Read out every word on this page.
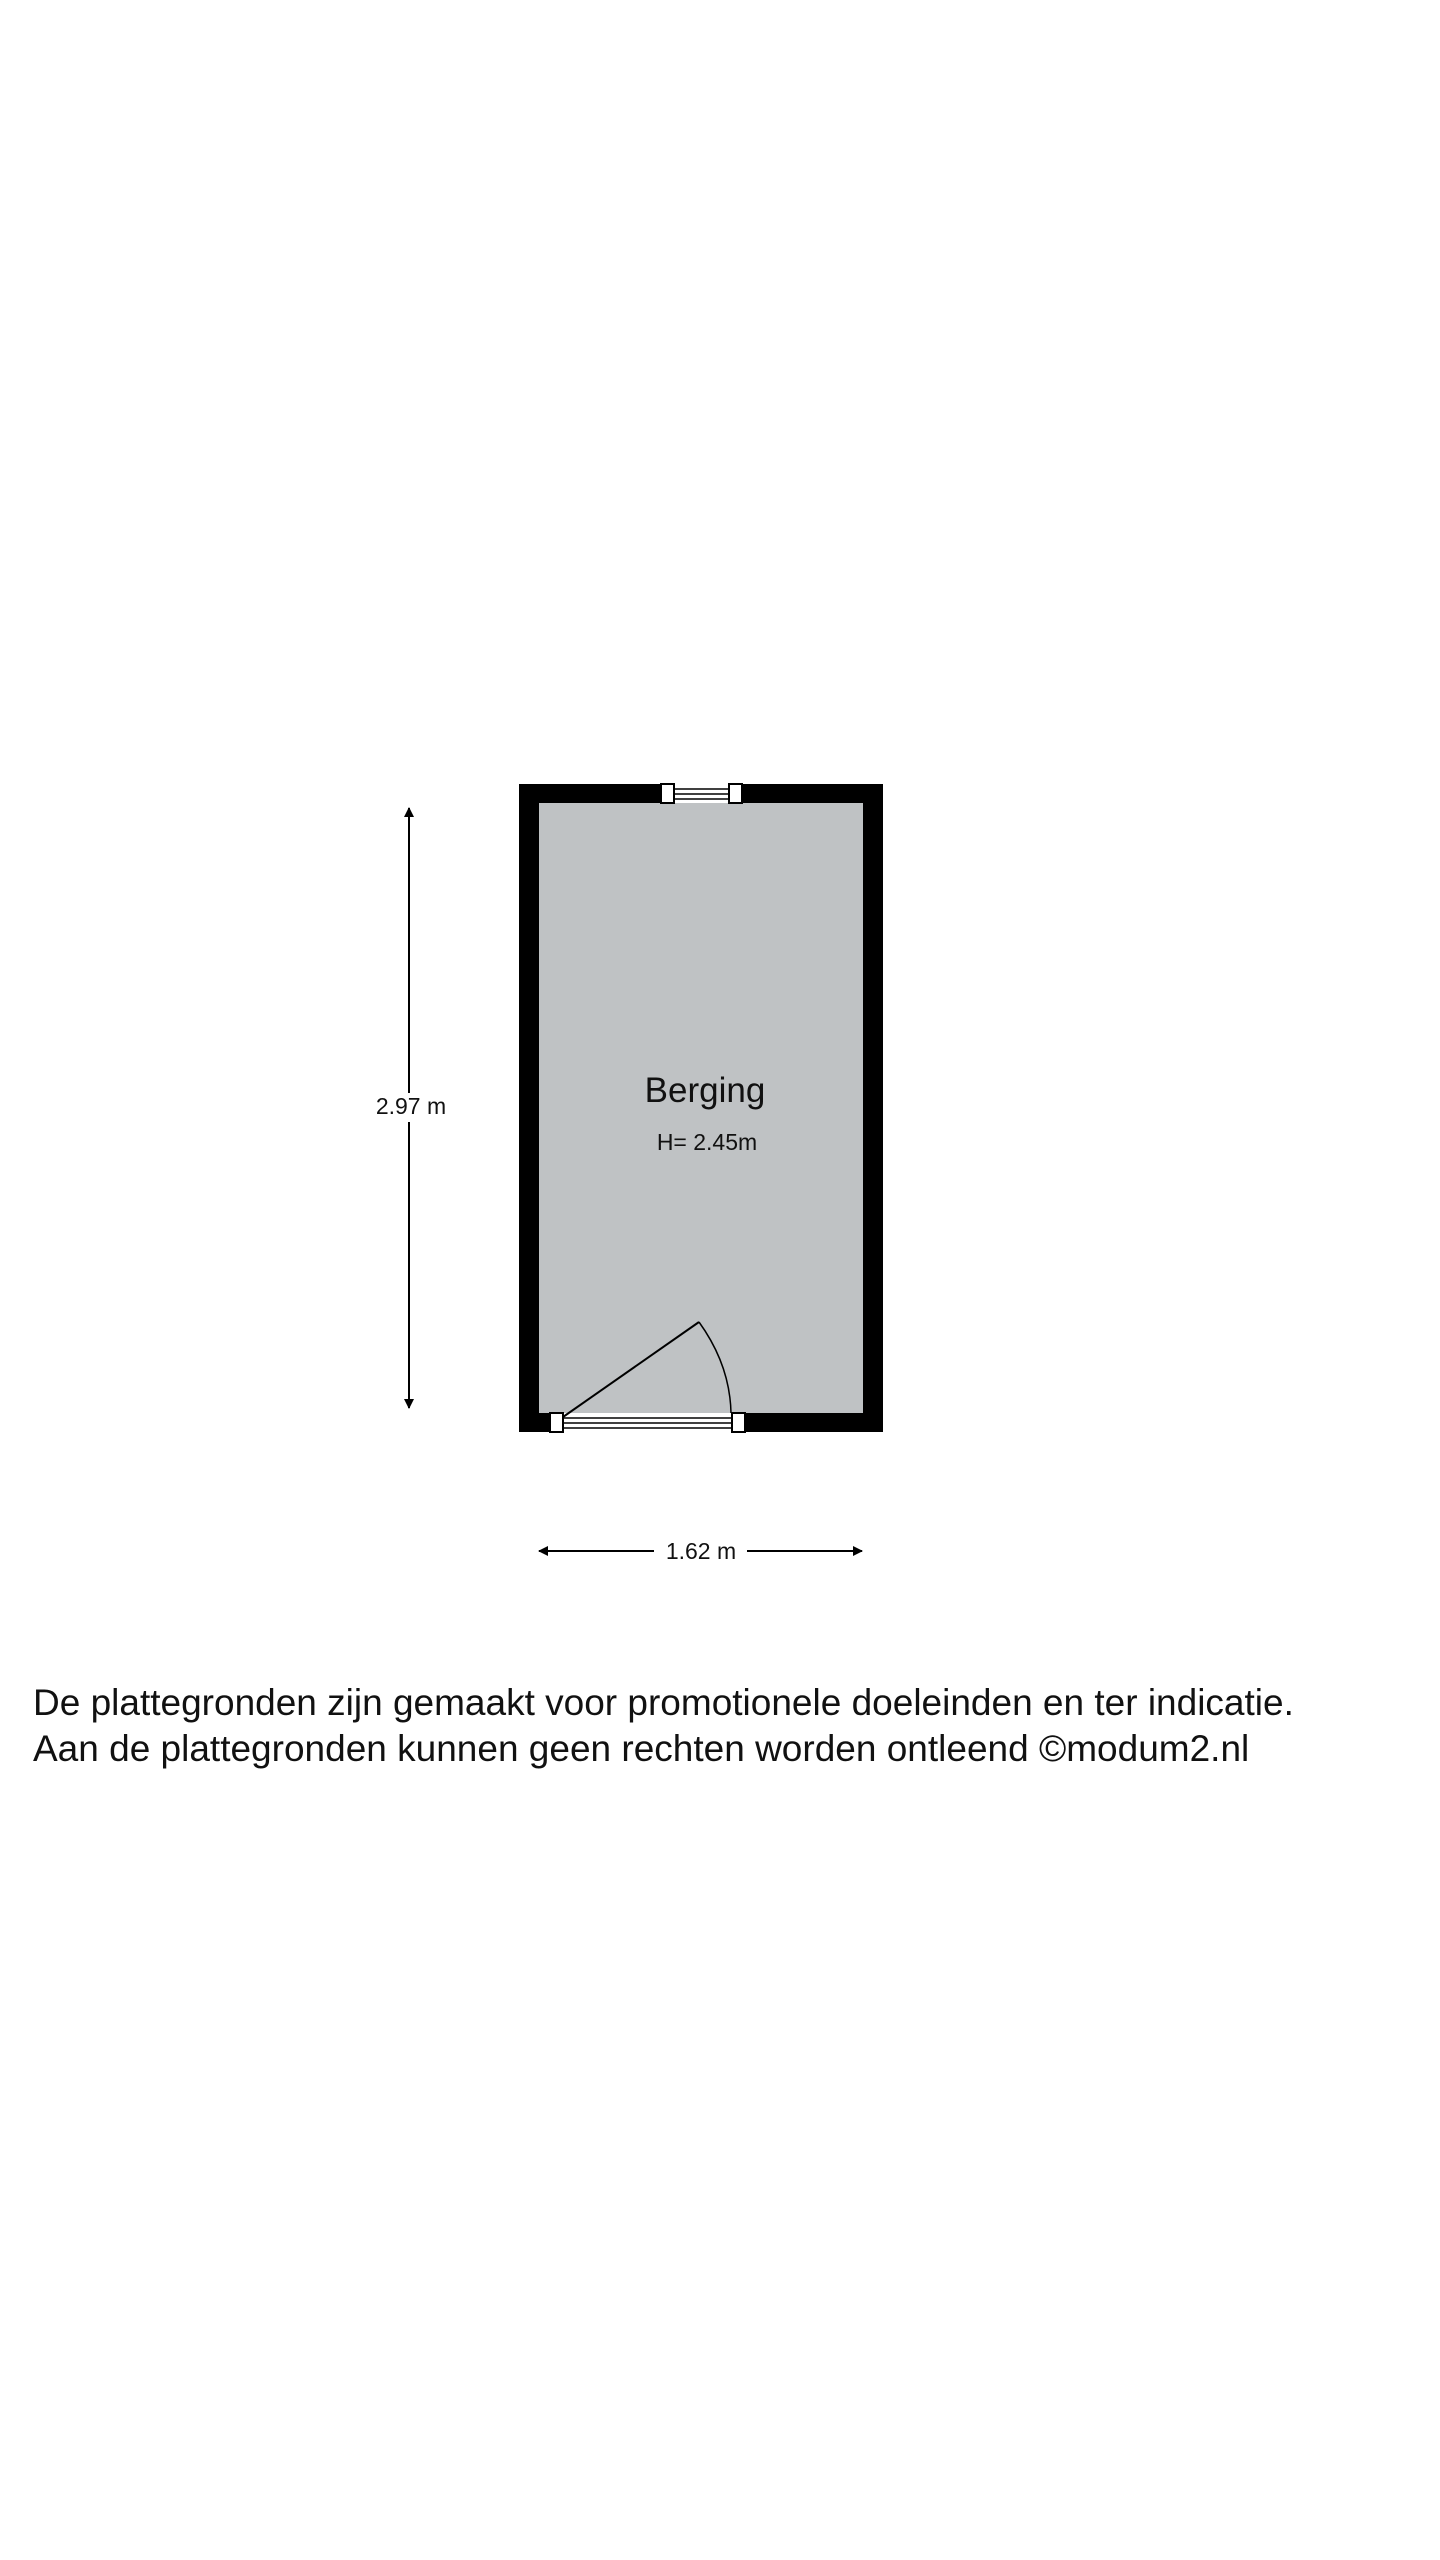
Berging
H= 2.45m
2.97 m
1.62 m
De plattegronden zijn gemaakt voor promotionele doeleinden en ter indicatie.
Aan de plattegronden kunnen geen rechten worden ontleend ©modum2.nl
